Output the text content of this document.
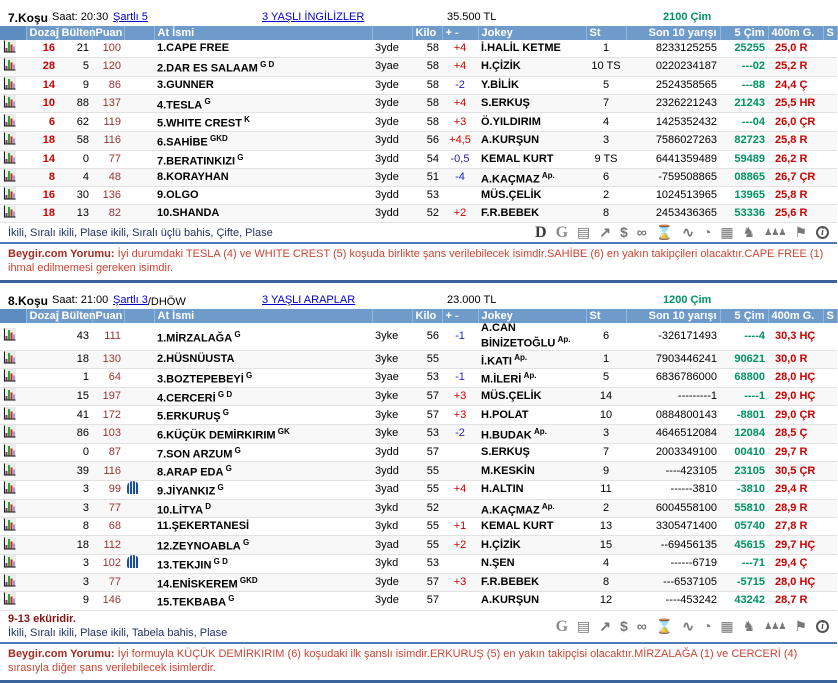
7.Koşu Saat: 20:30 Şartlı 5	3 YAŞLI İNGİLİZLER	35.500 TL	2100 Çim
	Dozaj	Bülten	Puan		At İsmi		Kilo	+ -	Jokey	St	Son 10 yarışı	5 Çim	400m G.	S
	16	21	100		1.CAPE FREE	3yde	58	+4	İ.HALİL KETME	1	8233125255	25255	25,0 R	
	28	5	120		2.DAR ES SALAAM $^{G D}$	3yae	58	+4	H.ÇİZİK	10 TS	0220234187	---02	25,2 R	
	14	9	86		3.GUNNER	3yde	58	-2	Y.BİLİK	5	2524358565	---88	24,4 Ç	
	10	88	137		4.TESLA $^G$	3yde	58	+4	S.ERKUŞ	7	2326221243	21243	25,5 HR	
	6	62	119		5.WHITE CREST $^K$	3yde	58	+3	Ö.YILDIRIM	4	1425352432	---04	26,0 ÇR	
	18	58	116		6.SAHİBE $^{GKD}$	3ydd	56	+4,5	A.KURŞUN	3	7586027263	82723	25,8 R	
	14	0	77		7.BERATINKIZI $^G$	3ydd	54	-0,5	KEMAL KURT	9 TS	6441359489	59489	26,2 R	
	8	4	48		8.KORAYHAN	3yde	51	-4	A.KAÇMAZ $^{Ap.}$	6	-759508865	08865	26,7 ÇR	
	16	30	136		9.OLGO	3ydd	53		MÜS.ÇELİK	2	1024513965	13965	25,8 R	
	18	13	82		10.SHANDA	3ydd	52	+2	F.R.BEBEK	8	2453436365	53336	25,6 R	
İkili, Sıralı ikili, Plase ikili, Sıralı üçlü bahis, Çifte, Plase	D G ▤ ↗ $ ∞ ⌛ ∿ ◔ ▦ ♞ ♟♟♟ ⚑	i
Beygir.com Yorumu: İyi durumdaki TESLA (4) ve WHITE CREST (5) koşuda birlikte şans verilebilecek isimdir.SAHİBE (6) en yakın takipçileri olacaktır.CAPE FREE (1) ihmal edilmemesi gereken isimdir.
8.Koşu Saat: 21:00 Şartlı 3 /DHÖW	3 YAŞLI ARAPLAR	23.000 TL	1200 Çim
	Dozaj	Bülten	Puan		At İsmi		Kilo	+ -	Jokey	St	Son 10 yarışı	5 Çim	400m G.	S
		43	111		1.MİRZALAĞA $^G$	3yke	56	-1	A.CAN BİNİZETOĞLU $^{Ap.}$	6	-326171493	----4	30,3 HÇ	
		18	130		2.HÜSNÜUSTA	3yke	55		İ.KATI $^{Ap.}$	1	7903446241	90621	30,0 R	
		1	64		3.BOZTEPEBEYİ $^G$	3yae	53	-1	M.İLERİ $^{Ap.}$	5	6836786000	68800	28,0 HÇ	
		15	197		4.CERCERİ $^{G D}$	3yke	57	+3	MÜS.ÇELİK	14	---------1	----1	29,0 HÇ	
		41	172		5.ERKURUŞ $^G$	3yke	57	+3	H.POLAT	10	0884800143	-8801	29,0 ÇR	
		86	103		6.KÜÇÜK DEMİRKIRIM $^{GK}$	3yke	53	-2	H.BUDAK $^{Ap.}$	3	4646512084	12084	28,5 Ç	
		0	87		7.SON ARZUM $^G$	3ydd	57		S.ERKUŞ	7	2003349100	00410	29,7 R	
		39	116		8.ARAP EDA $^G$	3ydd	55		M.KESKİN	9	----423105	23105	30,5 ÇR	
		3	99		9.JİYANKIZ $^G$	3yad	55	+4	H.ALTIN	11	------3810	-3810	29,4 R	
		3	77		10.LİTYA $^D$	3ykd	52		A.KAÇMAZ $^{Ap.}$	2	6004558100	55810	28,9 R	
		8	68		11.ŞEKERTANESİ	3ykd	55	+1	KEMAL KURT	13	3305471400	05740	27,8 R	
		18	112		12.ZEYNOABLA $^G$	3yad	55	+2	H.ÇİZİK	15	--69456135	45615	29,7 HÇ	
		3	102		13.TEKJIN $^{G D}$	3ykd	53		N.ŞEN	4	------6719	---71	29,4 Ç	
		3	77		14.ENİSKEREM $^{GKD}$	3yde	57	+3	F.R.BEBEK	8	---6537105	-5715	28,0 HÇ	
		9	146		15.TEKBABA $^G$	3yde	57		A.KURŞUN	12	----453242	43242	28,7 R	
9-13 eküridir.
İkili, Sıralı ikili, Plase ikili, Tabela bahis, Plase	G ▤ ↗ $ ∞ ⌛ ∿ ◔ ▦ ♞ ♟♟♟ ⚑	i
Beygir.com Yorumu: İyi formuyla KÜÇÜK DEMİRKIRIM (6) koşudaki ilk şanslı isimdir.ERKURUŞ (5) en yakın takipçisi olacaktır.MİRZALAĞA (1) ve CERCERİ (4) sırasıyla diğer şans verilebilecek isimlerdir.
